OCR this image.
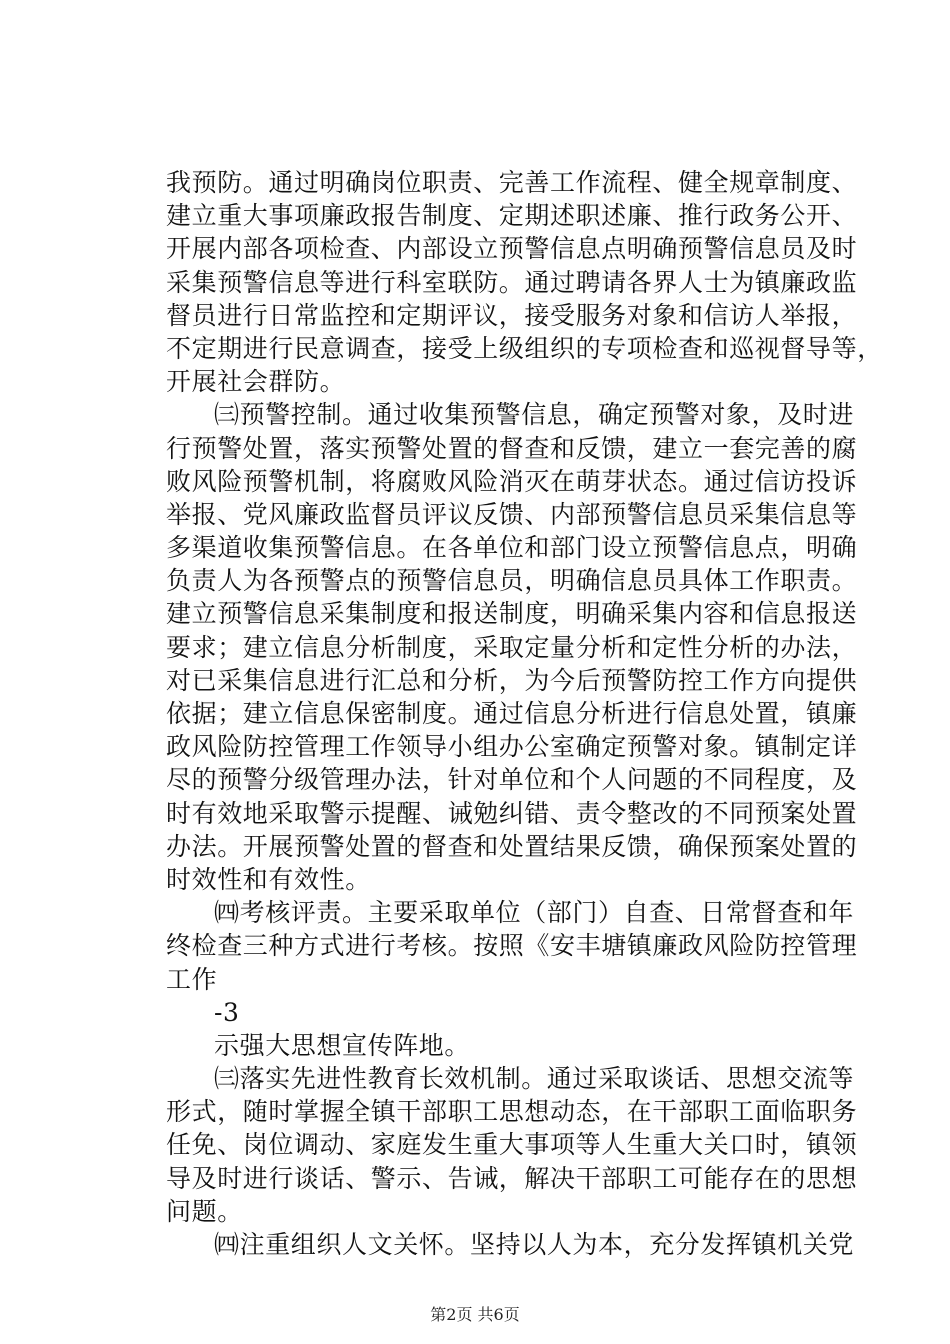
我预防。通过明确岗位职责、完善工作流程、健全规章制度、
建立重大事项廉政报告制度、定期述职述廉、推行政务公开、
开展内部各项检查、内部设立预警信息点明确预警信息员及时
采集预警信息等进行科室联防。通过聘请各界人士为镇廉政监
督员进行日常监控和定期评议，接受服务对象和信访人举报，
不定期进行民意调查，接受上级组织的专项检查和巡视督导等，
开展社会群防。
㈢预警控制。通过收集预警信息，确定预警对象，及时进
行预警处置，落实预警处置的督查和反馈，建立一套完善的腐
败风险预警机制，将腐败风险消灭在萌芽状态。通过信访投诉
举报、党风廉政监督员评议反馈、内部预警信息员采集信息等
多渠道收集预警信息。在各单位和部门设立预警信息点，明确
负责人为各预警点的预警信息员，明确信息员具体工作职责。
建立预警信息采集制度和报送制度，明确采集内容和信息报送
要求；建立信息分析制度，采取定量分析和定性分析的办法，
对已采集信息进行汇总和分析，为今后预警防控工作方向提供
依据；建立信息保密制度。通过信息分析进行信息处置，镇廉
政风险防控管理工作领导小组办公室确定预警对象。镇制定详
尽的预警分级管理办法，针对单位和个人问题的不同程度，及
时有效地采取警示提醒、诫勉纠错、责令整改的不同预案处置
办法。开展预警处置的督查和处置结果反馈，确保预案处置的
时效性和有效性。
㈣考核评责。主要采取单位（部门）自查、日常督查和年
终检查三种方式进行考核。按照《安丰塘镇廉政风险防控管理
工作
-3
示强大思想宣传阵地。
㈢落实先进性教育长效机制。通过采取谈话、思想交流等
形式，随时掌握全镇干部职工思想动态，在干部职工面临职务
任免、岗位调动、家庭发生重大事项等人生重大关口时，镇领
导及时进行谈话、警示、告诫，解决干部职工可能存在的思想
问题。
㈣注重组织人文关怀。坚持以人为本，充分发挥镇机关党
第2页 共6页
